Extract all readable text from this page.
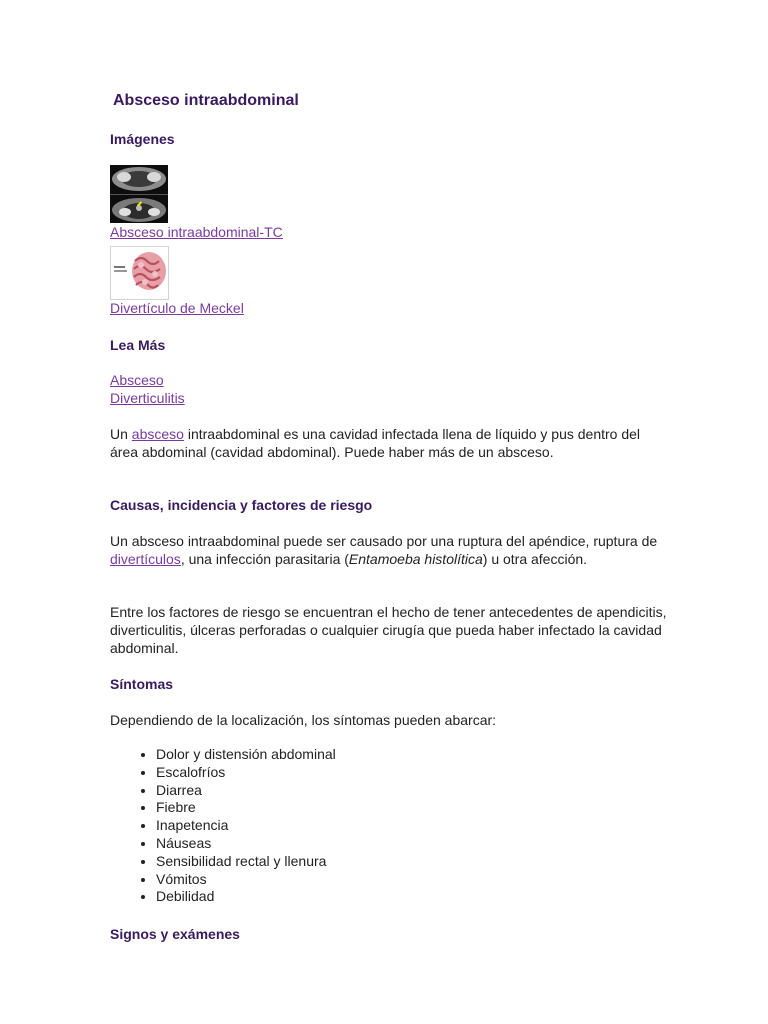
Absceso intraabdominal
Imágenes
Absceso intraabdominal-TC
Divertículo de Meckel
Lea Más
Absceso
Diverticulitis

Un absceso intraabdominal es una cavidad infectada llena de líquido y pus dentro del área abdominal (cavidad abdominal). Puede haber más de un absceso.

Causas, incidencia y factores de riesgo

Un absceso intraabdominal puede ser causado por una ruptura del apéndice, ruptura de divertículos, una infección parasitaria (Entamoeba histolítica) u otra afección.

Entre los factores de riesgo se encuentran el hecho de tener antecedentes de apendicitis, diverticulitis, úlceras perforadas o cualquier cirugía que pueda haber infectado la cavidad abdominal.

Síntomas

Dependiendo de la localización, los síntomas pueden abarcar:

• Dolor y distensión abdominal
• Escalofríos
• Diarrea
• Fiebre
• Inapetencia
• Náuseas
• Sensibilidad rectal y llenura
• Vómitos
• Debilidad
Signos y exámenes
